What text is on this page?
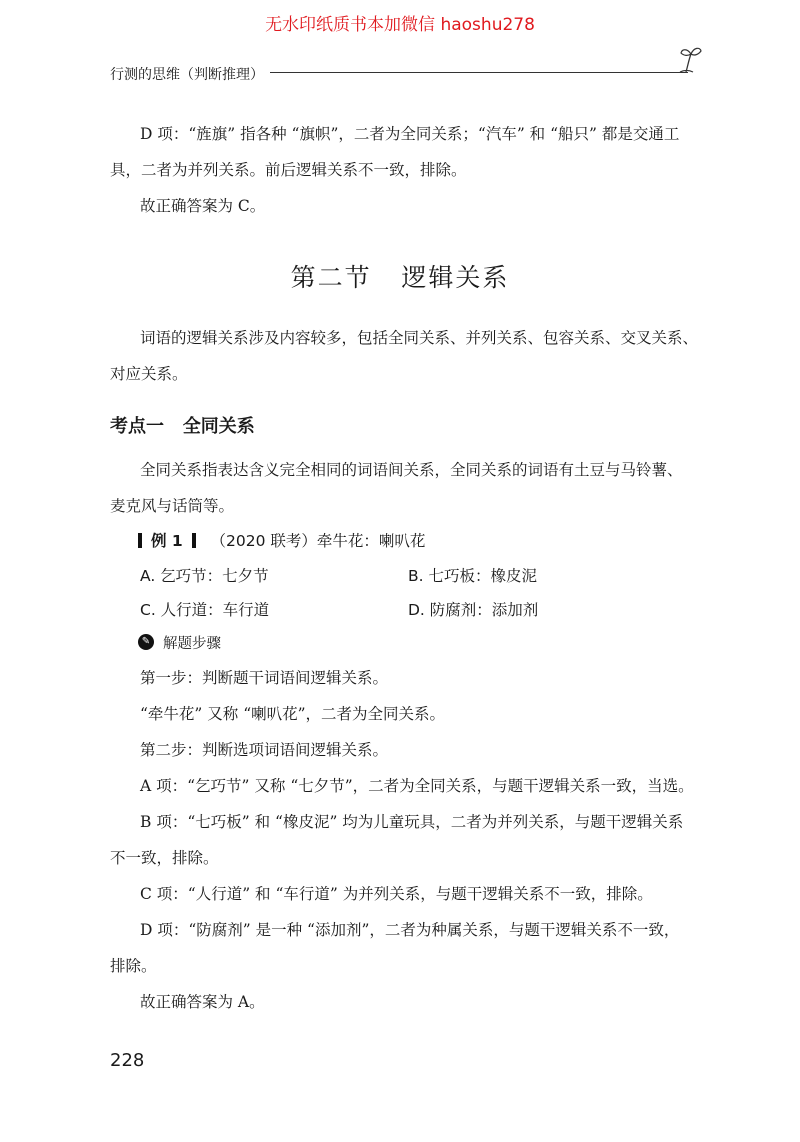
无水印纸质书本加微信 haoshu278
行测的思维（判断推理）
D 项：“旌旗” 指各种 “旗帜”，二者为全同关系；“汽车” 和 “船只” 都是交通工
具，二者为并列关系。前后逻辑关系不一致，排除。
故正确答案为 C。
第二节   逻辑关系
词语的逻辑关系涉及内容较多，包括全同关系、并列关系、包容关系、交叉关系、
对应关系。
考点一   全同关系
全同关系指表达含义完全相同的词语间关系，全同关系的词语有土豆与马铃薯、
麦克风与话筒等。
例 1 （2020 联考）牵牛花：喇叭花
A. 乞巧节：七夕节	B. 七巧板：橡皮泥
C. 人行道：车行道	D. 防腐剂：添加剂
✎ 解题步骤
第一步：判断题干词语间逻辑关系。
“牵牛花” 又称 “喇叭花”，二者为全同关系。
第二步：判断选项词语间逻辑关系。
A 项：“乞巧节” 又称 “七夕节”，二者为全同关系，与题干逻辑关系一致，当选。
B 项：“七巧板” 和 “橡皮泥” 均为儿童玩具，二者为并列关系，与题干逻辑关系
不一致，排除。
C 项：“人行道” 和 “车行道” 为并列关系，与题干逻辑关系不一致，排除。
D 项：“防腐剂” 是一种 “添加剂”，二者为种属关系，与题干逻辑关系不一致，
排除。
故正确答案为 A。
228
